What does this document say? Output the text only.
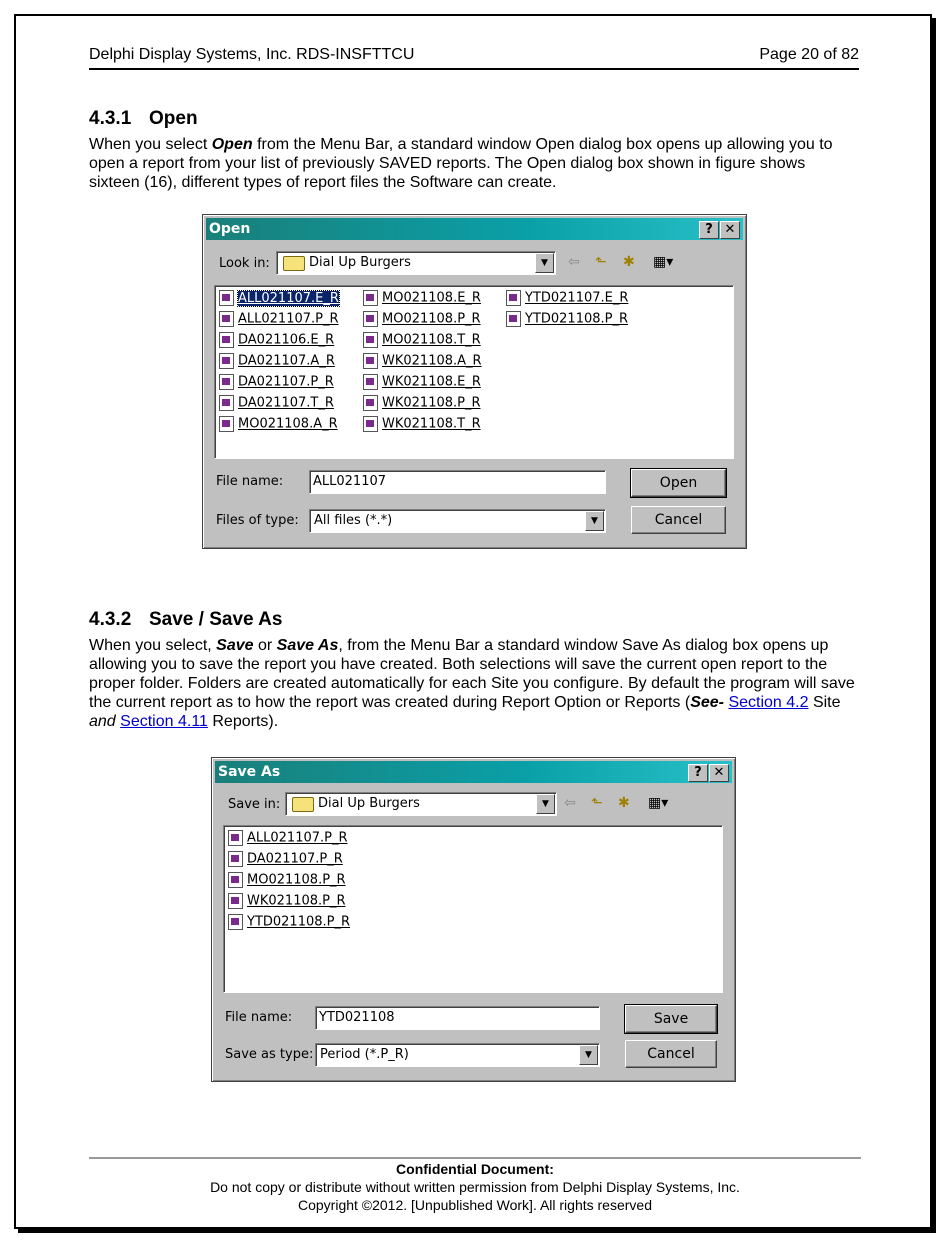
Delphi Display Systems, Inc. RDS-INSFTTCU	Page 20 of 82
4.3.1 Open
When you select Open from the Menu Bar, a standard window Open dialog box opens up allowing you to open a report from your list of previously SAVED reports. The Open dialog box shown in figure shows sixteen (16), different types of report files the Software can create.
Open	? ✕
Look in:	Dial Up Burgers	▼	⇦ ⬑ ✱ ▦▾
ALL021107.E_R
ALL021107.P_R
DA021106.E_R
DA021107.A_R
DA021107.P_R
DA021107.T_R
MO021108.A_R
MO021108.E_R
MO021108.P_R
MO021108.T_R
WK021108.A_R
WK021108.E_R
WK021108.P_R
WK021108.T_R
YTD021107.E_R
YTD021108.P_R
File name: ALL021107
Files of type: All files (*.*)	▼
Open
Cancel
4.3.2 Save / Save As
When you select, Save or Save As, from the Menu Bar a standard window Save As dialog box opens up allowing you to save the report you have created. Both selections will save the current open report to the proper folder. Folders are created automatically for each Site you configure. By default the program will save the current report as to how the report was created during Report Option or Reports (See- Section 4.2 Site and Section 4.11 Reports).
Save As	? ✕
Save in:	Dial Up Burgers	▼	⇦ ⬑ ✱ ▦▾
ALL021107.P_R
DA021107.P_R
MO021108.P_R
WK021108.P_R
YTD021108.P_R
File name: YTD021108
Save as type: Period (*.P_R)	▼
Save
Cancel
Confidential Document:
Do not copy or distribute without written permission from Delphi Display Systems, Inc.
Copyright ©2012. [Unpublished Work]. All rights reserved
